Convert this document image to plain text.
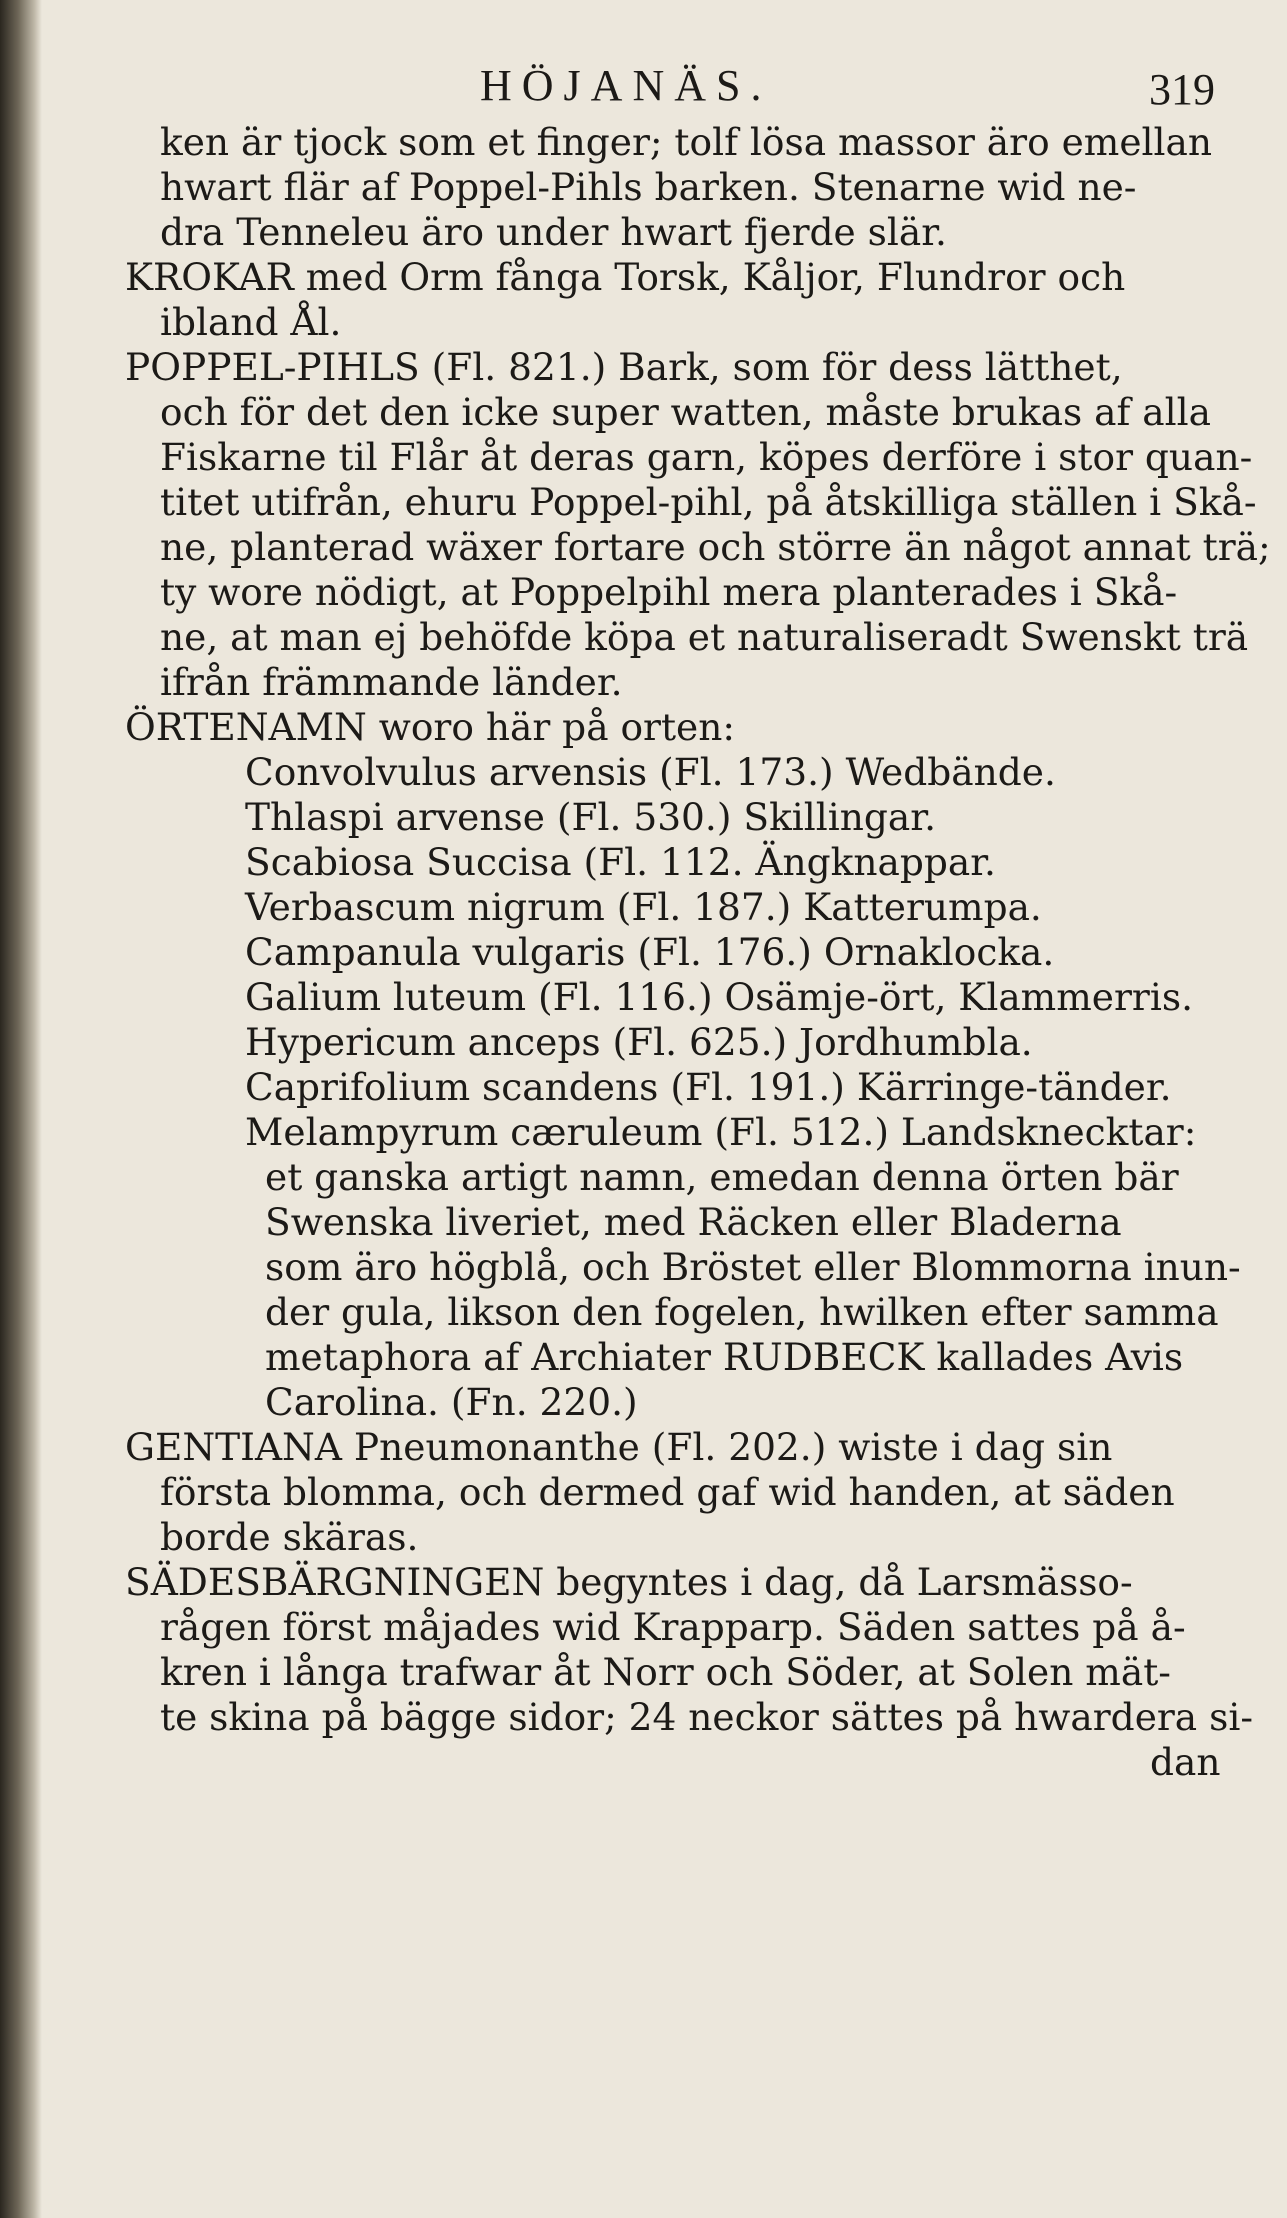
HÖJANÄS.	319
ken är tjock som et finger; tolf lösa massor äro emellan
hwart flär af Poppel-Pihls barken. Stenarne wid ne-
dra Tenneleu äro under hwart fjerde slär.
KROKAR med Orm fånga Torsk, Kåljor, Flundror och
ibland Ål.
POPPEL-PIHLS (Fl. 821.) Bark, som för dess lätthet,
och för det den icke super watten, måste brukas af alla
Fiskarne til Flår åt deras garn, köpes derföre i stor quan-
titet utifrån, ehuru Poppel-pihl, på åtskilliga ställen i Skå-
ne, planterad wäxer fortare och större än något annat trä;
ty wore nödigt, at Poppelpihl mera planterades i Skå-
ne, at man ej behöfde köpa et naturaliseradt Swenskt trä
ifrån främmande länder.
ÖRTENAMN woro här på orten:
Convolvulus arvensis (Fl. 173.) Wedbände.
Thlaspi arvense (Fl. 530.) Skillingar.
Scabiosa Succisa (Fl. 112. Ängknappar.
Verbascum nigrum (Fl. 187.) Katterumpa.
Campanula vulgaris (Fl. 176.) Ornaklocka.
Galium luteum (Fl. 116.) Osämje-ört, Klammerris.
Hypericum anceps (Fl. 625.) Jordhumbla.
Caprifolium scandens (Fl. 191.) Kärringe-tänder.
Melampyrum cæruleum (Fl. 512.) Landsknecktar:
et ganska artigt namn, emedan denna örten bär
Swenska liveriet, med Räcken eller Bladerna
som äro högblå, och Bröstet eller Blommorna inun-
der gula, likson den fogelen, hwilken efter samma
metaphora af Archiater RUDBECK kallades Avis
Carolina. (Fn. 220.)
GENTIANA Pneumonanthe (Fl. 202.) wiste i dag sin
första blomma, och dermed gaf wid handen, at säden
borde skäras.
SÄDESBÄRGNINGEN begyntes i dag, då Larsmässo-
rågen först måjades wid Krapparp. Säden sattes på å-
kren i långa trafwar åt Norr och Söder, at Solen mät-
te skina på bägge sidor; 24 neckor sättes på hwardera si-
dan
